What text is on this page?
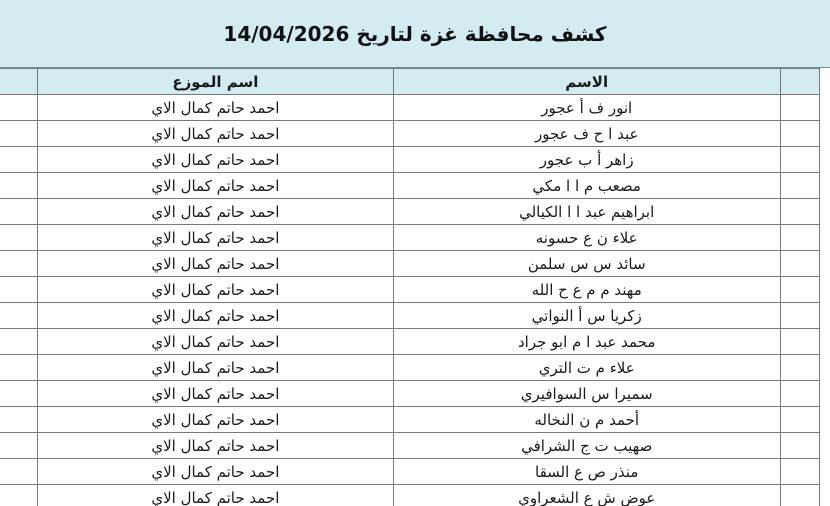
كشف محافظة غزة لتاريخ 14/04/2026
	اسم الموزع	الاسم	
	احمد حاتم كمال الاي	انور ف أ عجور	
	احمد حاتم كمال الاي	عبد ا ح ف عجور	
	احمد حاتم كمال الاي	زاهر أ ب عجور	
	احمد حاتم كمال الاي	مصعب م ا ا مكي	
	احمد حاتم كمال الاي	ابراهيم عبد ا ا الكيالي	
	احمد حاتم كمال الاي	علاء ن ع حسونه	
	احمد حاتم كمال الاي	سائد س س سلمن	
	احمد حاتم كمال الاي	مهند م م ع ح الله	
	احمد حاتم كمال الاي	زكريا س أ النواتي	
	احمد حاتم كمال الاي	محمد عبد ا م ابو جراد	
	احمد حاتم كمال الاي	علاء م ت التري	
	احمد حاتم كمال الاي	سميرا س السوافيري	
	احمد حاتم كمال الاي	أحمد م ن النخاله	
	احمد حاتم كمال الاي	صهيب ت ج الشرافي	
	احمد حاتم كمال الاي	منذر ص ع السقا	
	احمد حاتم كمال الاي	عوض ش ع الشعراوي	
